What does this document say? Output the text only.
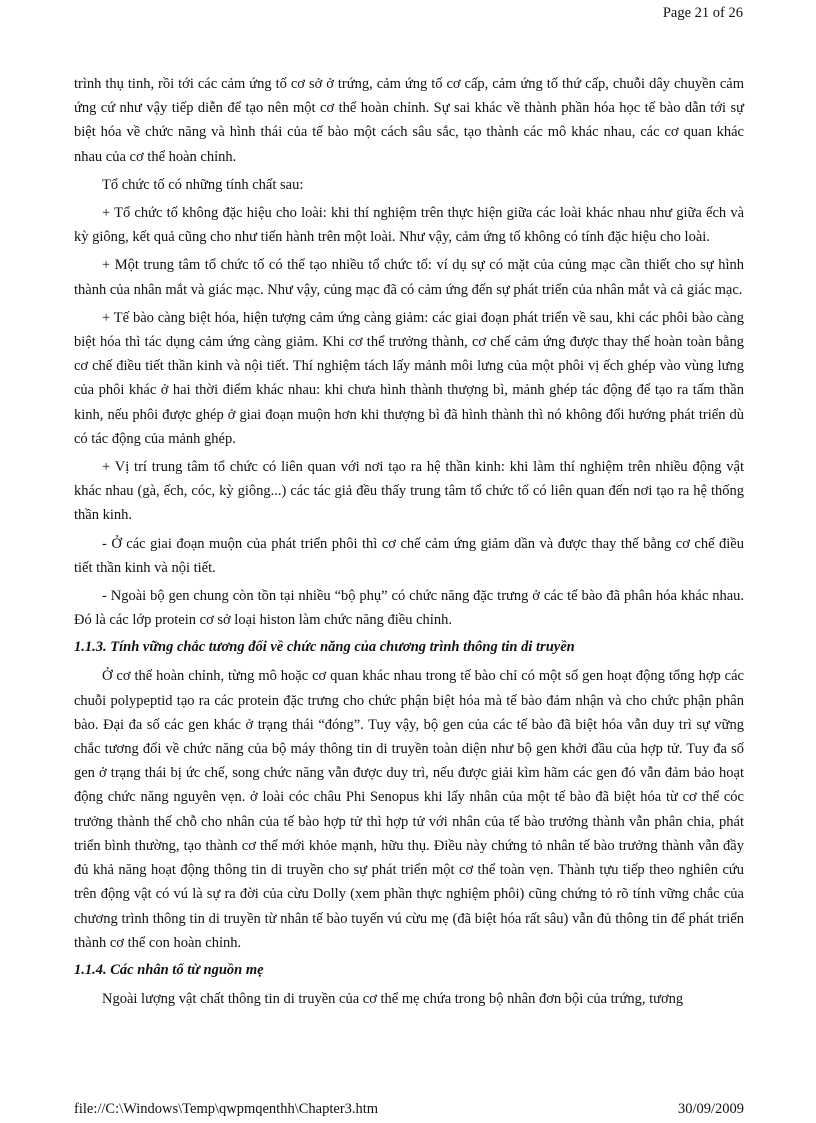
Page 21 of 26

trình thụ tinh, rồi tới các cảm ứng tố cơ sở ở trứng, cảm ứng tố cơ cấp, cảm ứng tố thứ cấp, chuỗi dây chuyền cảm ứng cứ như vậy tiếp diễn để tạo nên một cơ thể hoàn chỉnh. Sự sai khác về thành phần hóa học tế bào dẫn tới sự biệt hóa về chức năng và hình thái của tế bào một cách sâu sắc, tạo thành các mô khác nhau, các cơ quan khác nhau của cơ thể hoàn chỉnh.

Tổ chức tố có những tính chất sau:

+ Tổ chức tố không đặc hiệu cho loài: khi thí nghiệm trên thực hiện giữa các loài khác nhau như giữa ếch và kỳ giông, kết quả cũng cho như tiến hành trên một loài. Như vậy, cảm ứng tố không có tính đặc hiệu cho loài.

+ Một trung tâm tổ chức tố có thể tạo nhiều tổ chức tố: ví dụ sự có mặt của củng mạc cần thiết cho sự hình thành của nhân mắt và giác mạc. Như vậy, củng mạc đã có cảm ứng đến sự phát triển của nhân mắt và cả giác mạc.

+ Tế bào càng biệt hóa, hiện tượng cảm ứng càng giảm: các giai đoạn phát triển về sau, khi các phôi bào càng biệt hóa thì tác dụng cảm ứng càng giảm. Khi cơ thể trưởng thành, cơ chế cảm ứng được thay thế hoàn toàn bằng cơ chế điều tiết thần kinh và nội tiết. Thí nghiệm tách lấy mảnh môi lưng của một phôi vị ếch ghép vào vùng lưng của phôi khác ở hai thời điểm khác nhau: khi chưa hình thành thượng bì, mảnh ghép tác động để tạo ra tấm thần kinh, nếu phôi được ghép ở giai đoạn muộn hơn khi thượng bì đã hình thành thì nó không đổi hướng phát triển dù có tác động của mảnh ghép.

+ Vị trí trung tâm tổ chức có liên quan với nơi tạo ra hệ thần kinh: khi làm thí nghiệm trên nhiều động vật khác nhau (gà, ếch, cóc, kỳ giông...) các tác giả đều thấy trung tâm tổ chức tố có liên quan đến nơi tạo ra hệ thống thần kinh.

- Ở các giai đoạn muộn của phát triển phôi thì cơ chế cảm ứng giảm dần và được thay thế bằng cơ chế điều tiết thần kinh và nội tiết.

- Ngoài bộ gen chung còn tồn tại nhiều “bộ phụ” có chức năng đặc trưng ở các tế bào đã phân hóa khác nhau. Đó là các lớp protein cơ sở loại histon làm chức năng điều chỉnh.

1.1.3. Tính vững chắc tương đối về chức năng của chương trình thông tin di truyền

Ở cơ thể hoàn chỉnh, từng mô hoặc cơ quan khác nhau trong tế bào chỉ có một số gen hoạt động tổng hợp các chuỗi polypeptid tạo ra các protein đặc trưng cho chức phận biệt hóa mà tế bào đảm nhận và cho chức phận phân bào. Đại đa số các gen khác ở trạng thái “đóng”. Tuy vậy, bộ gen của các tế bào đã biệt hóa vẫn duy trì sự vững chắc tương đối về chức năng của bộ máy thông tin di truyền toàn diện như bộ gen khởi đầu của hợp tử. Tuy đa số gen ở trạng thái bị ức chế, song chức năng vẫn được duy trì, nếu được giải kìm hãm các gen đó vẫn đảm bảo hoạt động chức năng nguyên vẹn. ở loài cóc châu Phi Senopus khi lấy nhân của một tế bào đã biệt hóa từ cơ thể cóc trưởng thành thế chỗ cho nhân của tế bào hợp tử thì hợp tử với nhân của tế bào trưởng thành vẫn phân chia, phát triển bình thường, tạo thành cơ thể mới khỏe mạnh, hữu thụ. Điều này chứng tỏ nhân tế bào trưởng thành vẫn đầy đủ khả năng hoạt động thông tin di truyền cho sự phát triển một cơ thể toàn vẹn. Thành tựu tiếp theo nghiên cứu trên động vật có vú là sự ra đời của cừu Dolly (xem phần thực nghiệm phôi) cũng chứng tỏ rõ tính vững chắc của chương trình thông tin di truyền từ nhân tế bào tuyến vú cừu mẹ (đã biệt hóa rất sâu) vẫn đủ thông tin để phát triển thành cơ thể con hoàn chỉnh.

1.1.4. Các nhân tố từ nguồn mẹ

Ngoài lượng vật chất thông tin di truyền của cơ thể mẹ chứa trong bộ nhân đơn bội của trứng, tương

file://C:\Windows\Temp\qwpmqenthh\Chapter3.htm	30/09/2009
